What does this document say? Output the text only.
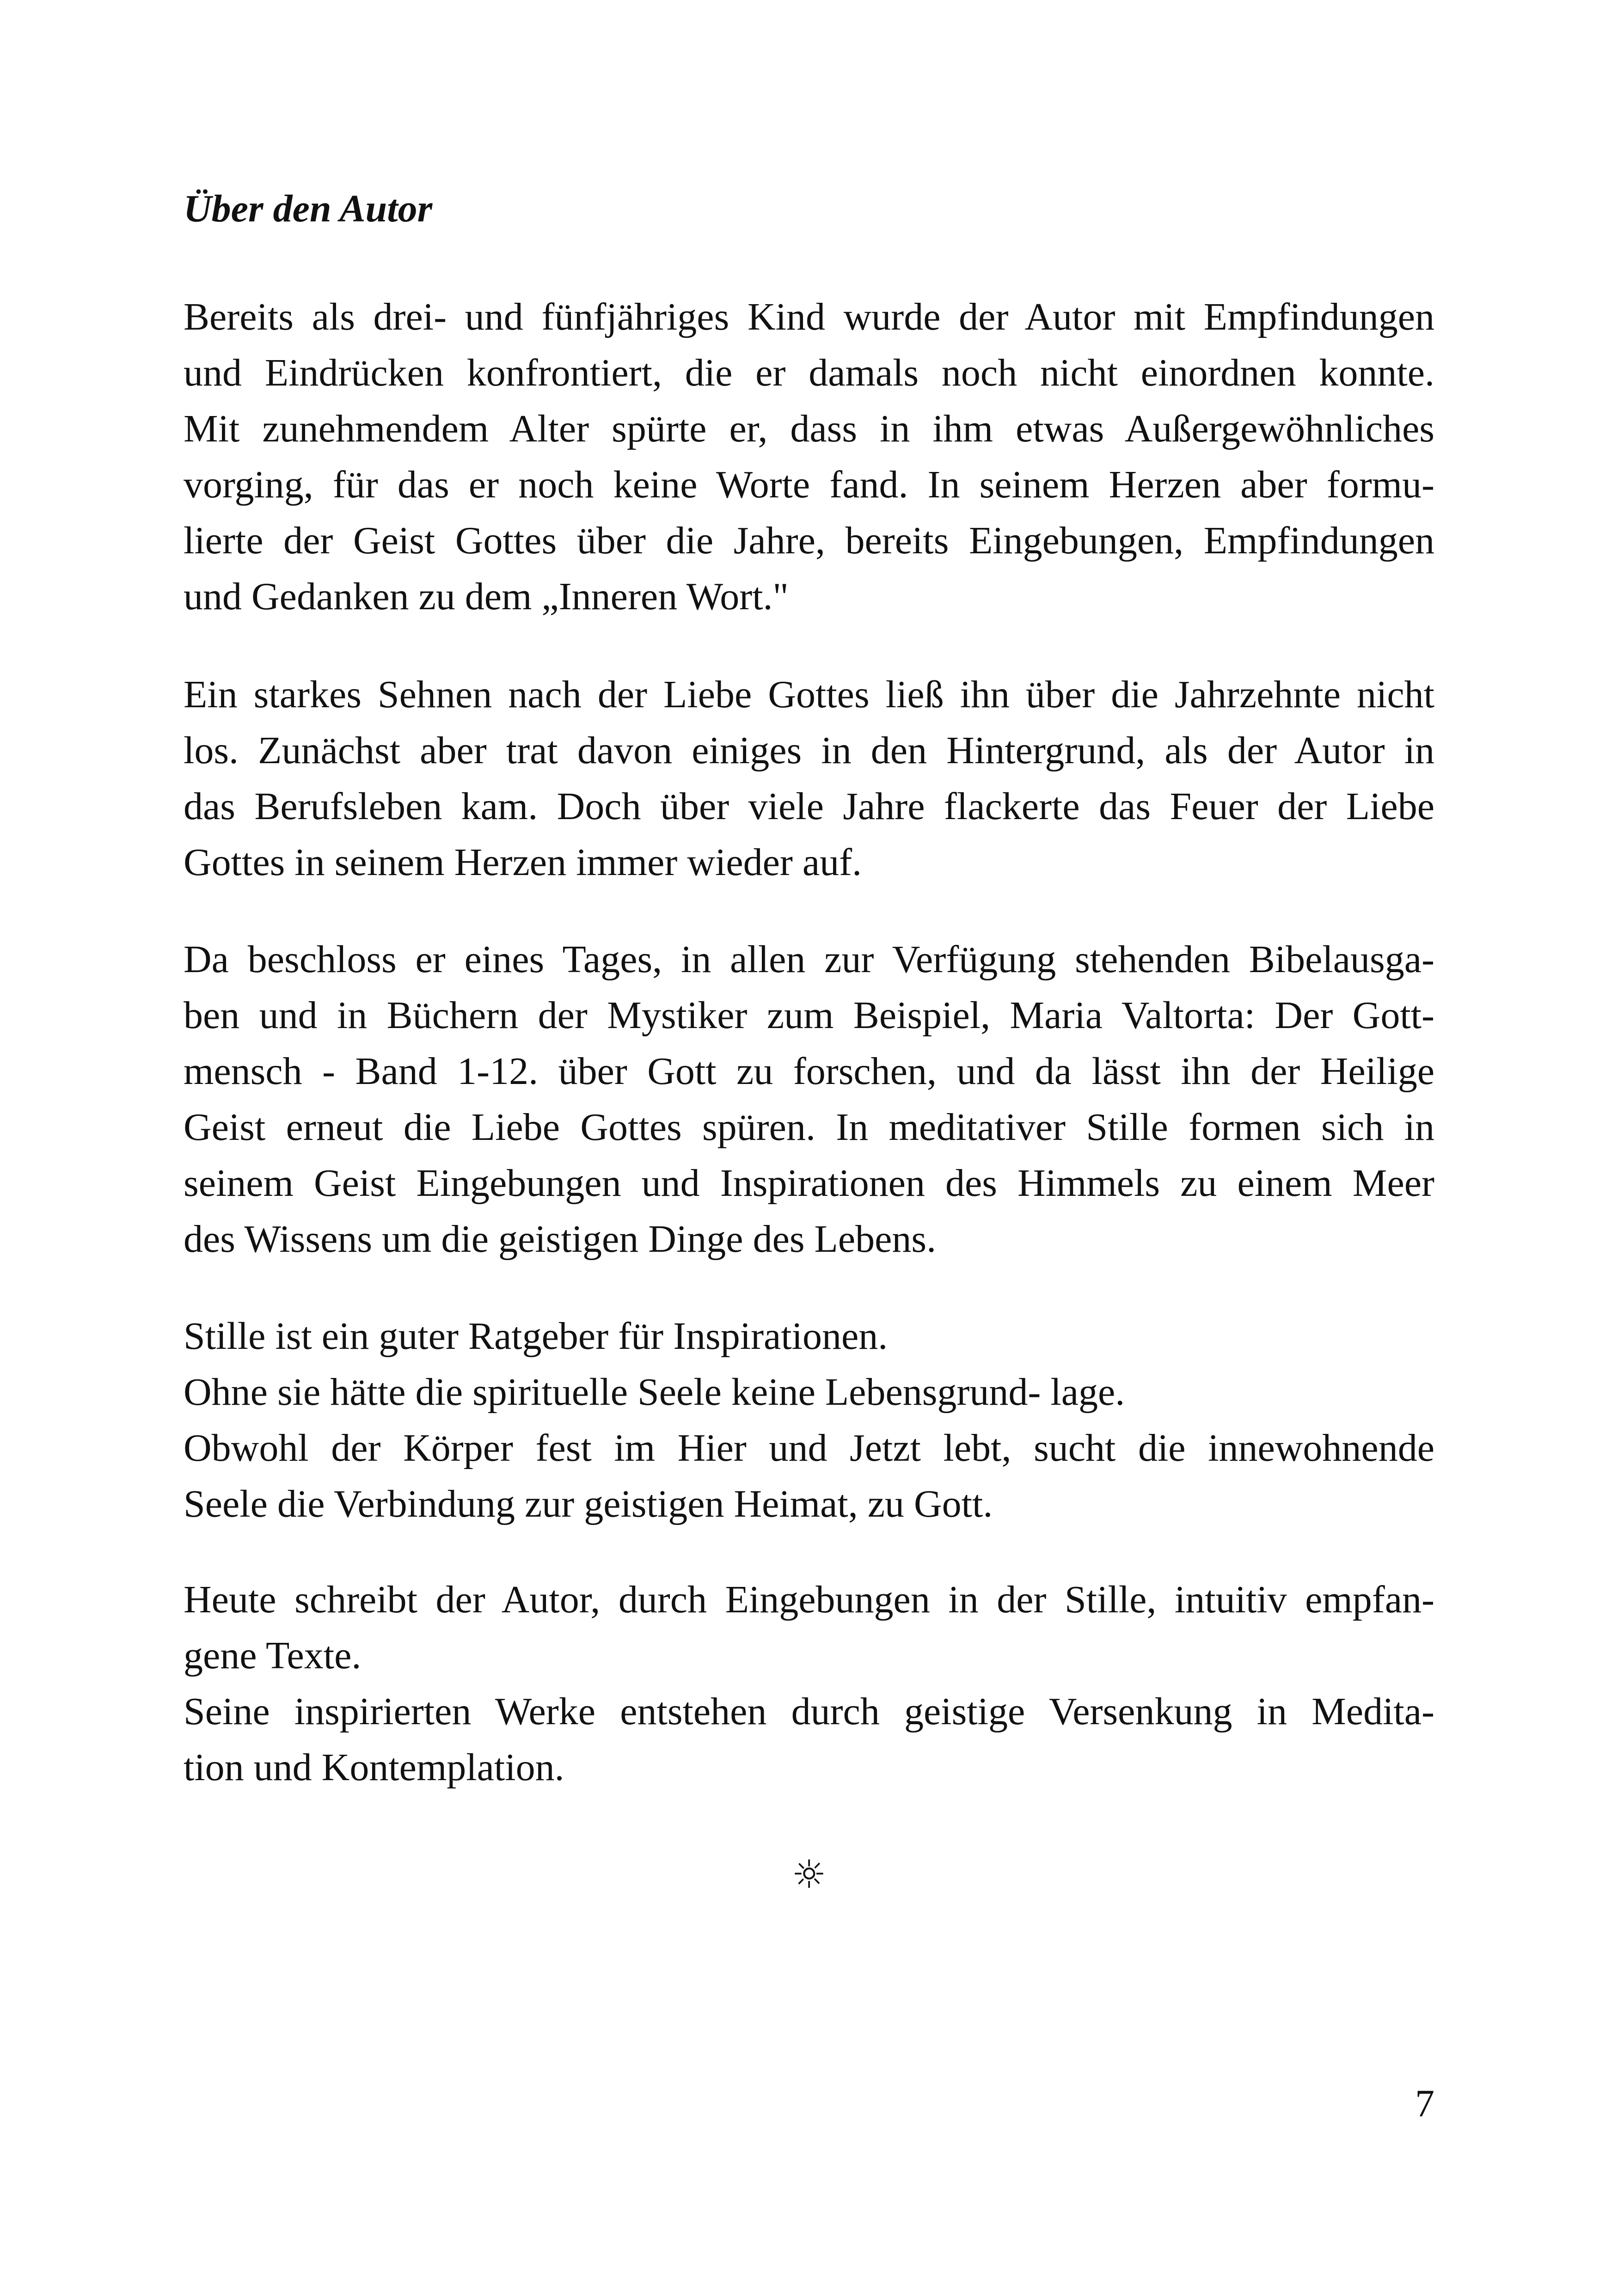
Über den Autor
Bereits als drei- und fünfjähriges Kind wurde der Autor mit Empfindungen
und Eindrücken konfrontiert, die er damals noch nicht einordnen konnte.
Mit zunehmendem Alter spürte er, dass in ihm etwas Außergewöhnliches
vorging, für das er noch keine Worte fand. In seinem Herzen aber formu-
lierte der Geist Gottes über die Jahre, bereits Eingebungen, Empfindungen
und Gedanken zu dem „Inneren Wort."
Ein starkes Sehnen nach der Liebe Gottes ließ ihn über die Jahrzehnte nicht
los. Zunächst aber trat davon einiges in den Hintergrund, als der Autor in
das Berufsleben kam. Doch über viele Jahre flackerte das Feuer der Liebe
Gottes in seinem Herzen immer wieder auf.
Da beschloss er eines Tages, in allen zur Verfügung stehenden Bibelausga-
ben und in Büchern der Mystiker zum Beispiel, Maria Valtorta: Der Gott-
mensch - Band 1-12. über Gott zu forschen, und da lässt ihn der Heilige
Geist erneut die Liebe Gottes spüren. In meditativer Stille formen sich in
seinem Geist Eingebungen und Inspirationen des Himmels zu einem Meer
des Wissens um die geistigen Dinge des Lebens.
Stille ist ein guter Ratgeber für Inspirationen.
Ohne sie hätte die spirituelle Seele keine Lebensgrund- lage.
Obwohl der Körper fest im Hier und Jetzt lebt, sucht die innewohnende
Seele die Verbindung zur geistigen Heimat, zu Gott.
Heute schreibt der Autor, durch Eingebungen in der Stille, intuitiv empfan-
gene Texte.
Seine inspirierten Werke entstehen durch geistige Versenkung in Medita-
tion und Kontemplation.
☼
7
